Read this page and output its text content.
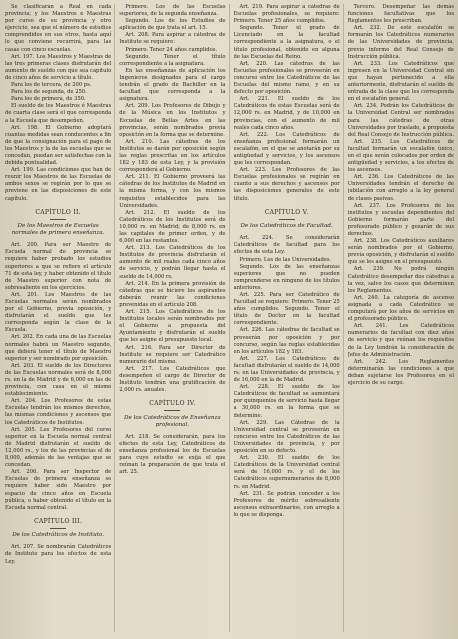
Se clasificarán a Real en cada provincia; y los Maestros e Maestras por curso de su provincia y otro ejercicio, sea que el número de estudios comprendidos en sus otros, hasta aquí lo que conviene recurrirá, para las casas con cinco escuelas.

Art. 197. Los Maestros y Maestras de las tres primeras clases disfrutarán del aumento de sueldo con que sea capitulo de cinco años de servicio a título.

Para los de tercera, de 200 ps.

Para los de segunda, de 250.

Para los de primera, de 350.

El sueldo de los Maestros é Maestras de cuarta clase será el que corresponda a la Escuela que desempeñen.

Art. 198. El Gobierno adoptará cuantas medidas sean conducentes a fin de que la consignación para el pago de los Maestros y la de las escuelas que se concedan, puedan ser satisfechas con la debida puntualidad.

Art. 199. Las condiciones que han de reunir los Maestros de las Escuelas de ambos sexos se regirán por lo que se previene en las disposiciones de este capítulo.

CAPÍTULO II.
De los Maestros de Escuelas normales de primera enseñanza.

Art. 200. Para ser Maestro de Escuela normal de provincia se requiere haber probado los estudios superiores a que se refiere el artículo 71 de esta ley, y haber obtenido el título de Maestro superior con nota de sobresaliente en los ejercicios.

Art. 201. Los Maestros de las Escuelas normales serán nombrados por el Gobierno, previa oposición, y disfrutarán el sueldo que les corresponda según la clase de la Escuela.

Art. 202. En cada una de las Escuelas normales habrá un Maestro segundo, que deberá tener el título de Maestro superior y ser nombrado por oposición.

Art. 203. El sueldo de los Directores de las Escuelas normales será de 8,000 rs. en la de Madrid y de 6,000 en las de provincia, con casa en el mismo establecimiento.

Art. 204. Los Profesores de estas Escuelas tendrán los mismos derechos, las mismas condiciones y ascensos que los Catedráticos de Institutos.

Art. 205. Los Profesores del curso superior en la Escuela normal central de Madrid disfrutarán el sueldo de 12,000 rs., y los de las provincias el de 8,000, además de las ventajas que se concedan.

Art. 206. Para ser Inspector de Escuelas de primera enseñanza se requiere haber sido Maestro por espacio de cinco años en Escuela pública, o haber obtenido el título en la Escuela normal central.

CAPÍTULO III.
De los Catedráticos de Instituto.

Art. 207. Se nombrarán Catedráticos de Instituto para los efectos de esta Ley.

Primero. Los de las Escuelas superiores, de la segunda enseñanza.

Segundo. Los de los Estudios de aplicación de que trata el art. 15.

Art. 208. Para aspirar a cátedras de Instituto se requiere:

Primero. Tener 24 años cumplidos.

Segundo. Tener el título correspondiente a la asignatura.

En las enseñanzas de aplicación los Ingenieros designados para el cargo tendrán el grado de Bachiller en la facultad que corresponda a la asignatura.

Art. 209. Los Profesores de Dibujo y de la Música en los Institutos y Escuelas de Bellas Artes en las provincias, serán nombrados previa oposición en la forma que se determine.

Art. 210. Las cátedras de los Institutos se darán por oposición según las reglas prescritas en los artículos 182 y 183 de esta Ley, y la provisión corresponderá al Gobierno.

Art. 211. El Gobierno proveerá las cátedras de los Institutos de Madrid en la misma forma, y con los mismos requisitos establecidos para las Universidades.

Art. 212. El sueldo de los Catedráticos de los Institutos será de 10,000 rs. en Madrid; de 8,000 rs. en las capitales de primer orden, y de 6,000 en las restantes.

Art. 213. Los Catedráticos de los Institutos de provincia disfrutarán el aumento de mil reales cada cinco años de servicio, y podrán llegar hasta el sueldo de 14,000 rs.

Art. 214. En la primera provisión de cátedras que se hiciere los aspirantes deberán reunir las condiciones prevenidas en el artículo 208.

Art. 215. Los Catedráticos de los Institutos locales serán nombrados por el Gobierno a propuesta del Ayuntamiento y disfrutarán el sueldo que les asigne el presupuesto local.

Art. 216. Para ser Director de Instituto se requiere ser Catedrático numerario del mismo.

Art. 217. Los Catedráticos que desempeñen el cargo de Director de Instituto tendrán una gratificación de 2,000 rs. anuales.

CAPÍTULO IV.
De los Catedráticos de Enseñanza profesional.

Art. 218. Se considerarán, para los efectos de esta Ley, Catedráticos de enseñanza profesional los de Escuelas para cuyo estudio se exija el que reúnan la preparación de que trata el art. 25.

Art. 219. Para aspirar a cátedras de Escuelas profesionales, se requiere: Primero. Tener 25 años cumplidos.

Segundo. Tener el grado de Licenciado en la facultad correspondiente a la asignatura, o el título profesional, obtenido en alguna de las Escuelas del Reino.

Art. 220. Las cátedras de las Escuelas profesionales se proveerán en concurso entre los Catedráticos de las Escuelas del mismo ramo, y en su defecto por oposición.

Art. 221. El sueldo de los Catedráticos de estas Escuelas será de 12,000 rs. en Madrid, y de 10,000 en provincias, con el aumento de mil reales cada cinco años.

Art. 222. Los Catedráticos de enseñanza profesional formarán un escalafón, en el que se anotarán por su antigüedad y servicios, y los ascensos que les correspondan.

Art. 223. Los Profesores de las Escuelas profesionales se regirán en cuanto a sus derechos y ascensos por las disposiciones generales de este título.

CAPÍTULO V.
De los Catedráticos de Facultad.

Art. 224. Se considerarán Catedráticos de facultad para los efectos de esta Ley.

Primero. Los de las Universidades.

Segundo. Los de las enseñanzas superiores que no pueden comprenderse en ninguno de los títulos anteriores.

Art. 225. Para ser Catedrático de Facultad se requiere: Primero. Tener 25 años cumplidos. Segundo. Tener el título de Doctor en la facultad correspondiente.

Art. 226. Las cátedras de facultad se proveerán por oposición y por concurso, según las reglas establecidas en los artículos 182 y 183.

Art. 227. Los Catedráticos de facultad disfrutarán el sueldo de 14,000 rs. en las Universidades de provincia, y de 16,000 en la de Madrid.

Art. 228. El sueldo de los Catedráticos de facultad se aumentará por quinquenios de servicio hasta llegar a 30,000 rs. en la forma que se determine.

Art. 229. Las Cátedras de la Universidad central se proveerán en concurso entre los Catedráticos de las Universidades de provincia, y por oposición en su defecto.

Art. 230. El sueldo de los Catedráticos de la Universidad central será de 16,000 rs. y el de los Catedráticos supernumerarios de 8,000 rs. en Madrid.

Art. 231. Se podrán conceder a los Profesores de mérito sobresaliente ascensos extraordinarios, con arreglo a lo que se disponga.

Tercero. Desempeñar las demás funciones facultativas que los Reglamentos les prescriban.

Art. 232. De este escalafón se formarán los Catedráticos numerarios de las Universidades de provincia, previo informe del Real Consejo de Instrucción pública.

Art. 233. Los Catedráticos que ingresen en la Universidad Central sin que hayan pertenecido a ella anteriormente, disfrutarán el sueldo de entrada de la clase que les corresponda en el escalafón general.

Art. 234. Podrán los Catedráticos de la Universidad Central ser nombrados para las cátedras de otras Universidades por traslado, a propuesta del Real Consejo de Instrucción pública.

Art. 235. Los Catedráticos de facultad formarán un escalafón único, en el que serán colocados por orden de antigüedad y servicios, a los efectos de los ascensos.

Art. 236. Los Catedráticos de las Universidades tendrán el derecho de jubilación con arreglo a la ley general de clases pasivas.

Art. 237. Los Profesores de los institutos y escuelas dependientes del Gobierno formarán parte del profesorado público y gozarán de sus derechos.

Art. 238. Los Catedráticos auxiliares serán nombrados por el Gobierno, previa oposición, y disfrutarán el sueldo que se les asigne en el presupuesto.

Art. 239. No podrá ningún Catedrático desempeñar dos cátedras a la vez, salvo los casos que determinen los Reglamentos.

Art. 240. La categoría de ascenso asignada a cada Catedrático se computará por los años de servicios en el profesorado público.

Art. 241. Los Catedráticos numerarios de facultad con diez años de servicio y que reúnan los requisitos de la Ley tendrán la consideración de Jefes de Administración.

Art. 242. Los Reglamentos determinarán las condiciones a que deban sujetarse los Profesores en el ejercicio de su cargo.
